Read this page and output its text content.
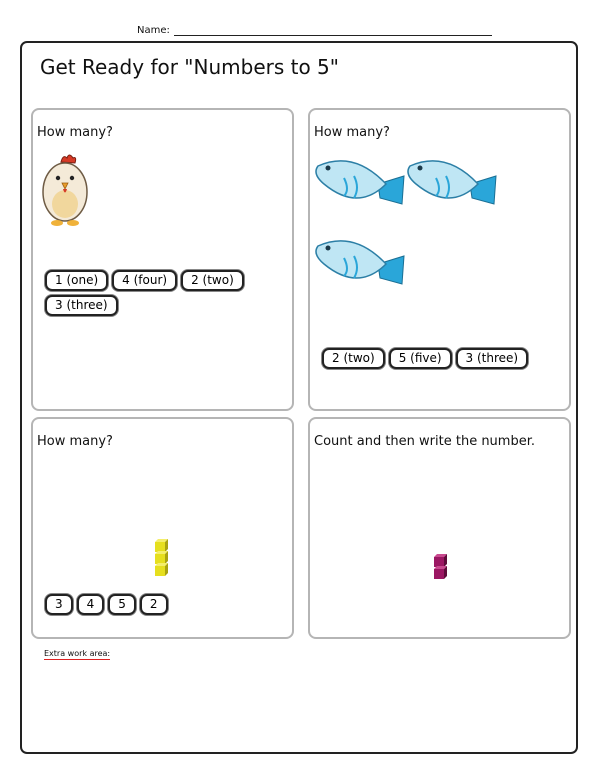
Name:
Get Ready for "Numbers to 5"
How many?
1 (one)	4 (four)	2 (two)
3 (three)
How many?
2 (two)	5 (five)	3 (three)
How many?
3	4	5	2
Count and then write the number.
Extra work area:
